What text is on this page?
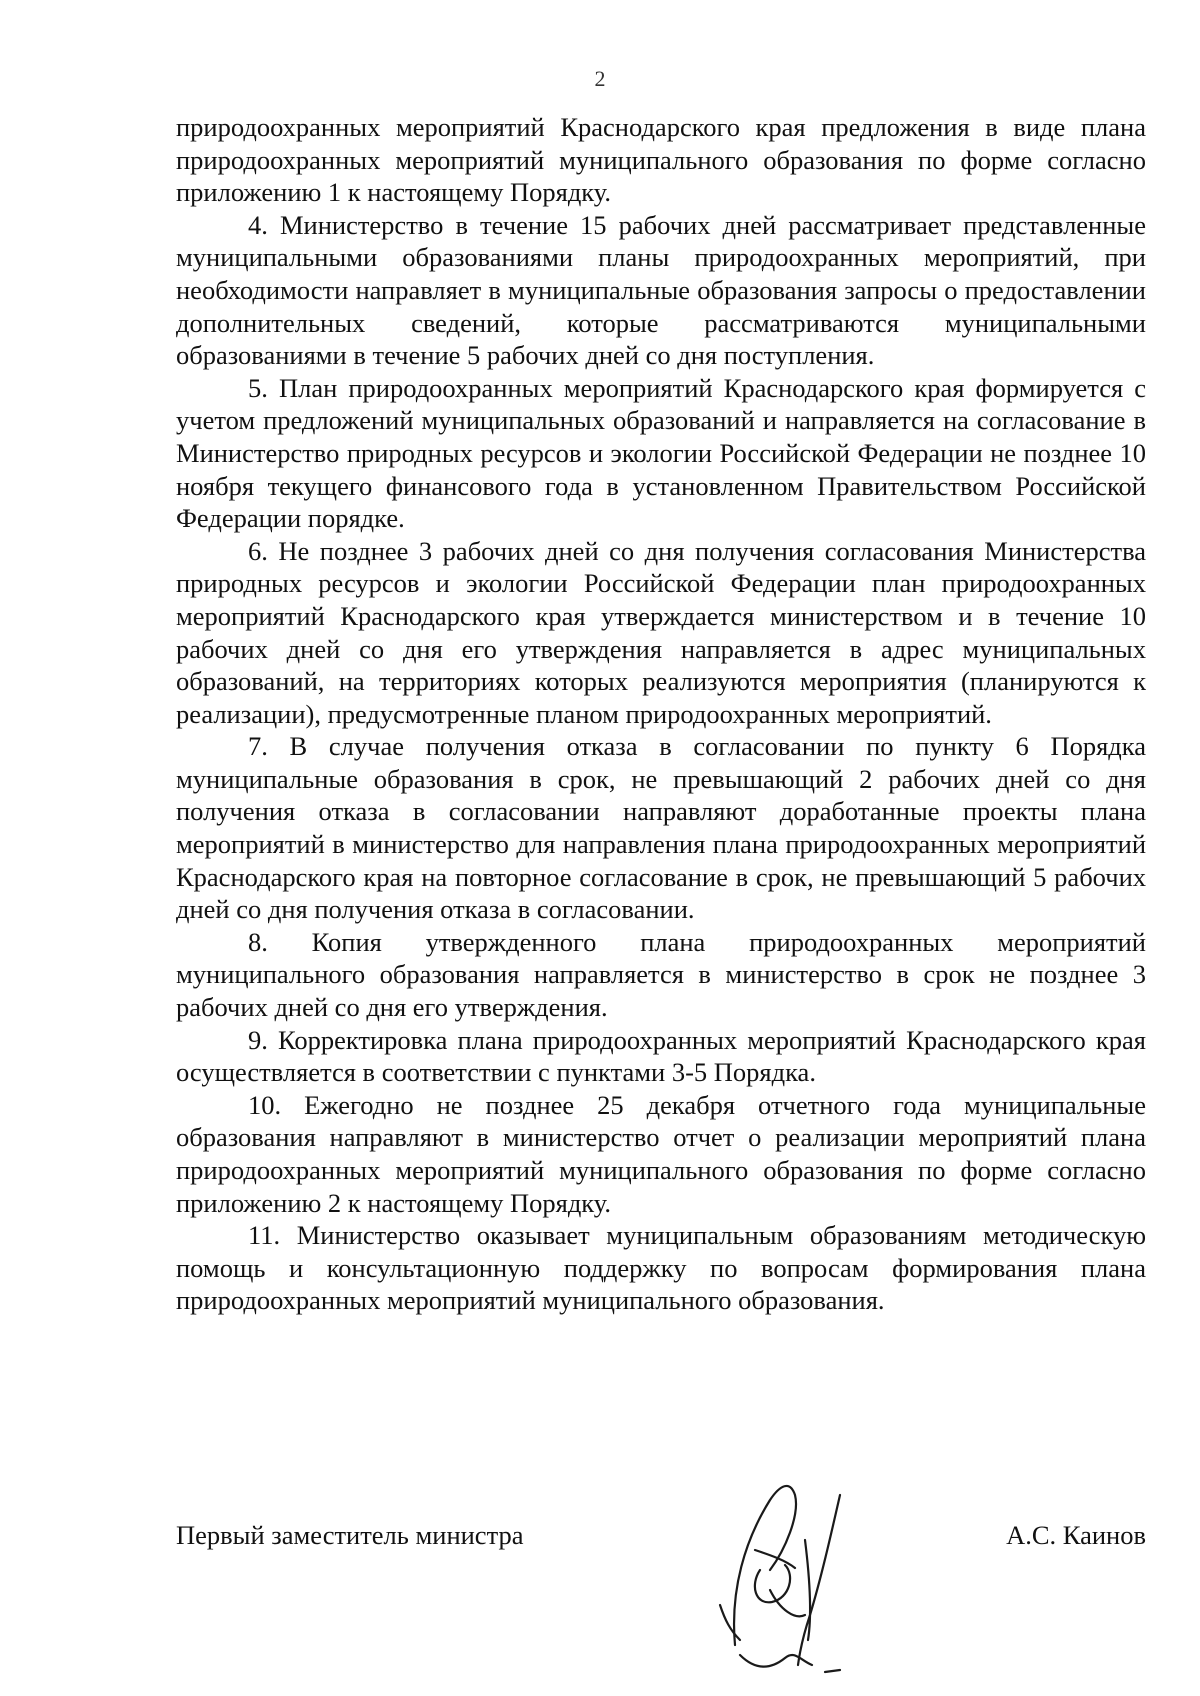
2

природоохранных мероприятий Краснодарского края предложения в виде плана природоохранных мероприятий муниципального образования по форме согласно приложению 1 к настоящему Порядку.

4. Министерство в течение 15 рабочих дней рассматривает представленные муниципальными образованиями планы природоохранных мероприятий, при необходимости направляет в муниципальные образования запросы о предоставлении дополнительных сведений, которые рассматриваются муниципальными образованиями в течение 5 рабочих дней со дня поступления.

5. План природоохранных мероприятий Краснодарского края формируется с учетом предложений муниципальных образований и направляется на согласование в Министерство природных ресурсов и экологии Российской Федерации не позднее 10 ноября текущего финансового года в установленном Правительством Российской Федерации порядке.

6. Не позднее 3 рабочих дней со дня получения согласования Министерства природных ресурсов и экологии Российской Федерации план природоохранных мероприятий Краснодарского края утверждается министерством и в течение 10 рабочих дней со дня его утверждения направляется в адрес муниципальных образований, на территориях которых реализуются мероприятия (планируются к реализации), предусмотренные планом природоохранных мероприятий.

7. В случае получения отказа в согласовании по пункту 6 Порядка муниципальные образования в срок, не превышающий 2 рабочих дней со дня получения отказа в согласовании направляют доработанные проекты плана мероприятий в министерство для направления плана природоохранных мероприятий Краснодарского края на повторное согласование в срок, не превышающий 5 рабочих дней со дня получения отказа в согласовании.

8. Копия утвержденного плана природоохранных мероприятий муниципального образования направляется в министерство в срок не позднее 3 рабочих дней со дня его утверждения.

9. Корректировка плана природоохранных мероприятий Краснодарского края осуществляется в соответствии с пунктами 3-5 Порядка.

10. Ежегодно не позднее 25 декабря отчетного года муниципальные образования направляют в министерство отчет о реализации мероприятий плана природоохранных мероприятий муниципального образования по форме согласно приложению 2 к настоящему Порядку.

11. Министерство оказывает муниципальным образованиям методическую помощь и консультационную поддержку по вопросам формирования плана природоохранных мероприятий муниципального образования.

Первый заместитель министра	А.С. Каинов
